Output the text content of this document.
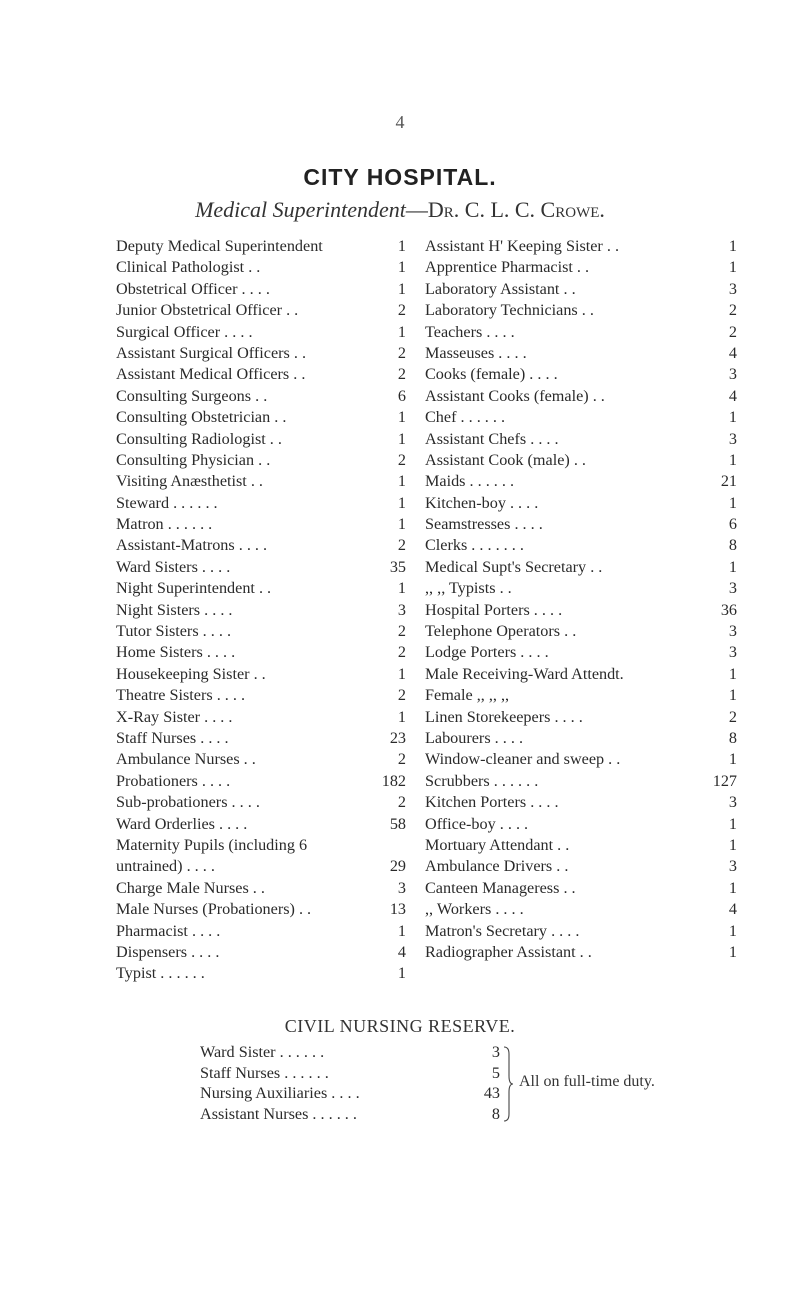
4
CITY HOSPITAL.
Medical Superintendent—Dr. C. L. C. Crowe.
Deputy Medical Superintendent	1
Clinical Pathologist . .	1
Obstetrical Officer . . . .	1
Junior Obstetrical Officer . .	2
Surgical Officer . . . .	1
Assistant Surgical Officers . .	2
Assistant Medical Officers . .	2
Consulting Surgeons . .	6
Consulting Obstetrician . .	1
Consulting Radiologist . .	1
Consulting Physician . .	2
Visiting Anæsthetist . .	1
Steward . . . . . .	1
Matron . . . . . .	1
Assistant-Matrons . . . .	2
Ward Sisters . . . .	35
Night Superintendent . .	1
Night Sisters . . . .	3
Tutor Sisters . . . .	2
Home Sisters . . . .	2
Housekeeping Sister . .	1
Theatre Sisters . . . .	2
X-Ray Sister . . . .	1
Staff Nurses . . . .	23
Ambulance Nurses . .	2
Probationers . . . .	182
Sub-probationers . . . .	2
Ward Orderlies . . . .	58
Maternity Pupils (including 6
untrained) . . . .	29
Charge Male Nurses . .	3
Male Nurses (Probationers) . .	13
Pharmacist . . . .	1
Dispensers . . . .	4
Typist . . . . . .	1
Assistant H' Keeping Sister . .	1
Apprentice Pharmacist . .	1
Laboratory Assistant . .	3
Laboratory Technicians . .	2
Teachers . . . .	2
Masseuses . . . .	4
Cooks (female) . . . .	3
Assistant Cooks (female) . .	4
Chef . . . . . .	1
Assistant Chefs . . . .	3
Assistant Cook (male) . .	1
Maids . . . . . .	21
Kitchen-boy . . . .	1
Seamstresses . . . .	6
Clerks . . . . . . .	8
Medical Supt's Secretary . .	1
,, ,, Typists . .	3
Hospital Porters . . . .	36
Telephone Operators . .	3
Lodge Porters . . . .	3
Male Receiving-Ward Attendt.	1
Female ,, ,, ,,	1
Linen Storekeepers . . . .	2
Labourers . . . .	8
Window-cleaner and sweep . .	1
Scrubbers . . . . . .	127
Kitchen Porters . . . .	3
Office-boy . . . .	1
Mortuary Attendant . .	1
Ambulance Drivers . .	3
Canteen Manageress . .	1
,, Workers . . . .	4
Matron's Secretary . . . .	1
Radiographer Assistant . .	1
CIVIL NURSING RESERVE.
Ward Sister . . . . . .	3
Staff Nurses . . . . . .	5
Nursing Auxiliaries . . . .	43
Assistant Nurses . . . . . .	8
All on full-time duty.
